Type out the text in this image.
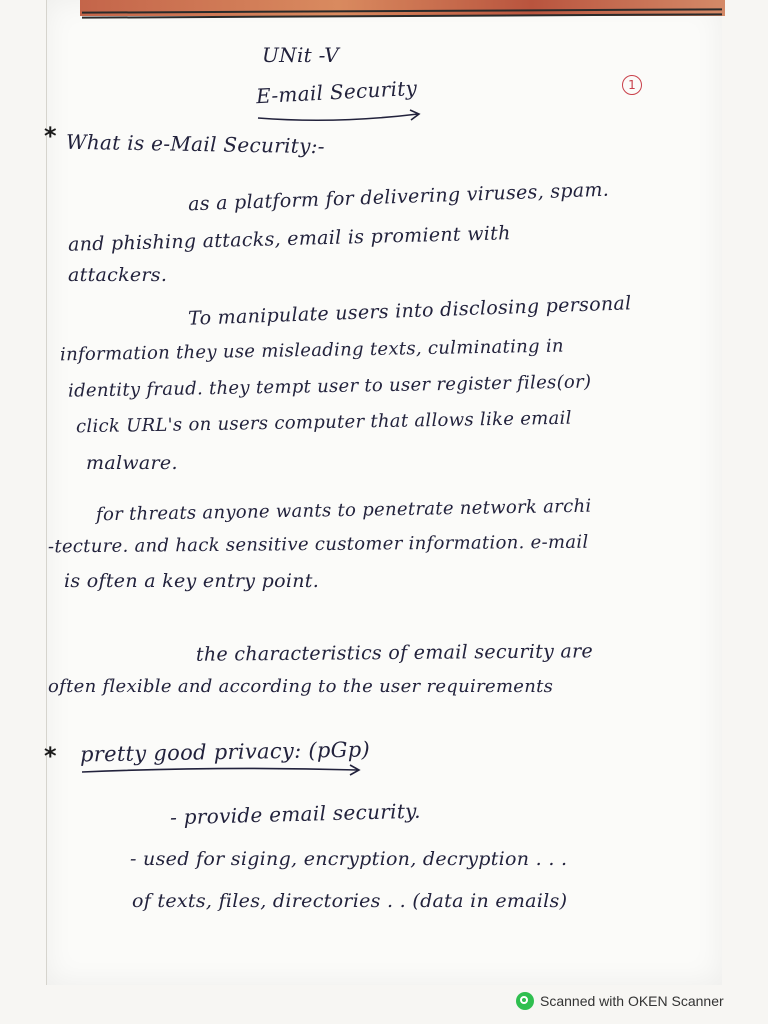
UNit -V
E-mail Security	1
* What is e-Mail Security:-
as a platform for delivering viruses, spam.
and phishing attacks, email is promient with
attackers.
To manipulate users into disclosing personal
information they use misleading texts, culminating in
identity fraud. they tempt user to user register files(or)
click URL's on users computer that allows like email
malware.
for threats anyone wants to penetrate network archi
-tecture. and hack sensitive customer information. e-mail
is often a key entry point.
the characteristics of email security are
often flexible and according to the user requirements
* pretty good privacy: (pGp)
- provide email security.
- used for siging, encryption, decryption . . .
of texts, files, directories . . (data in emails)
Scanned with OKEN Scanner
